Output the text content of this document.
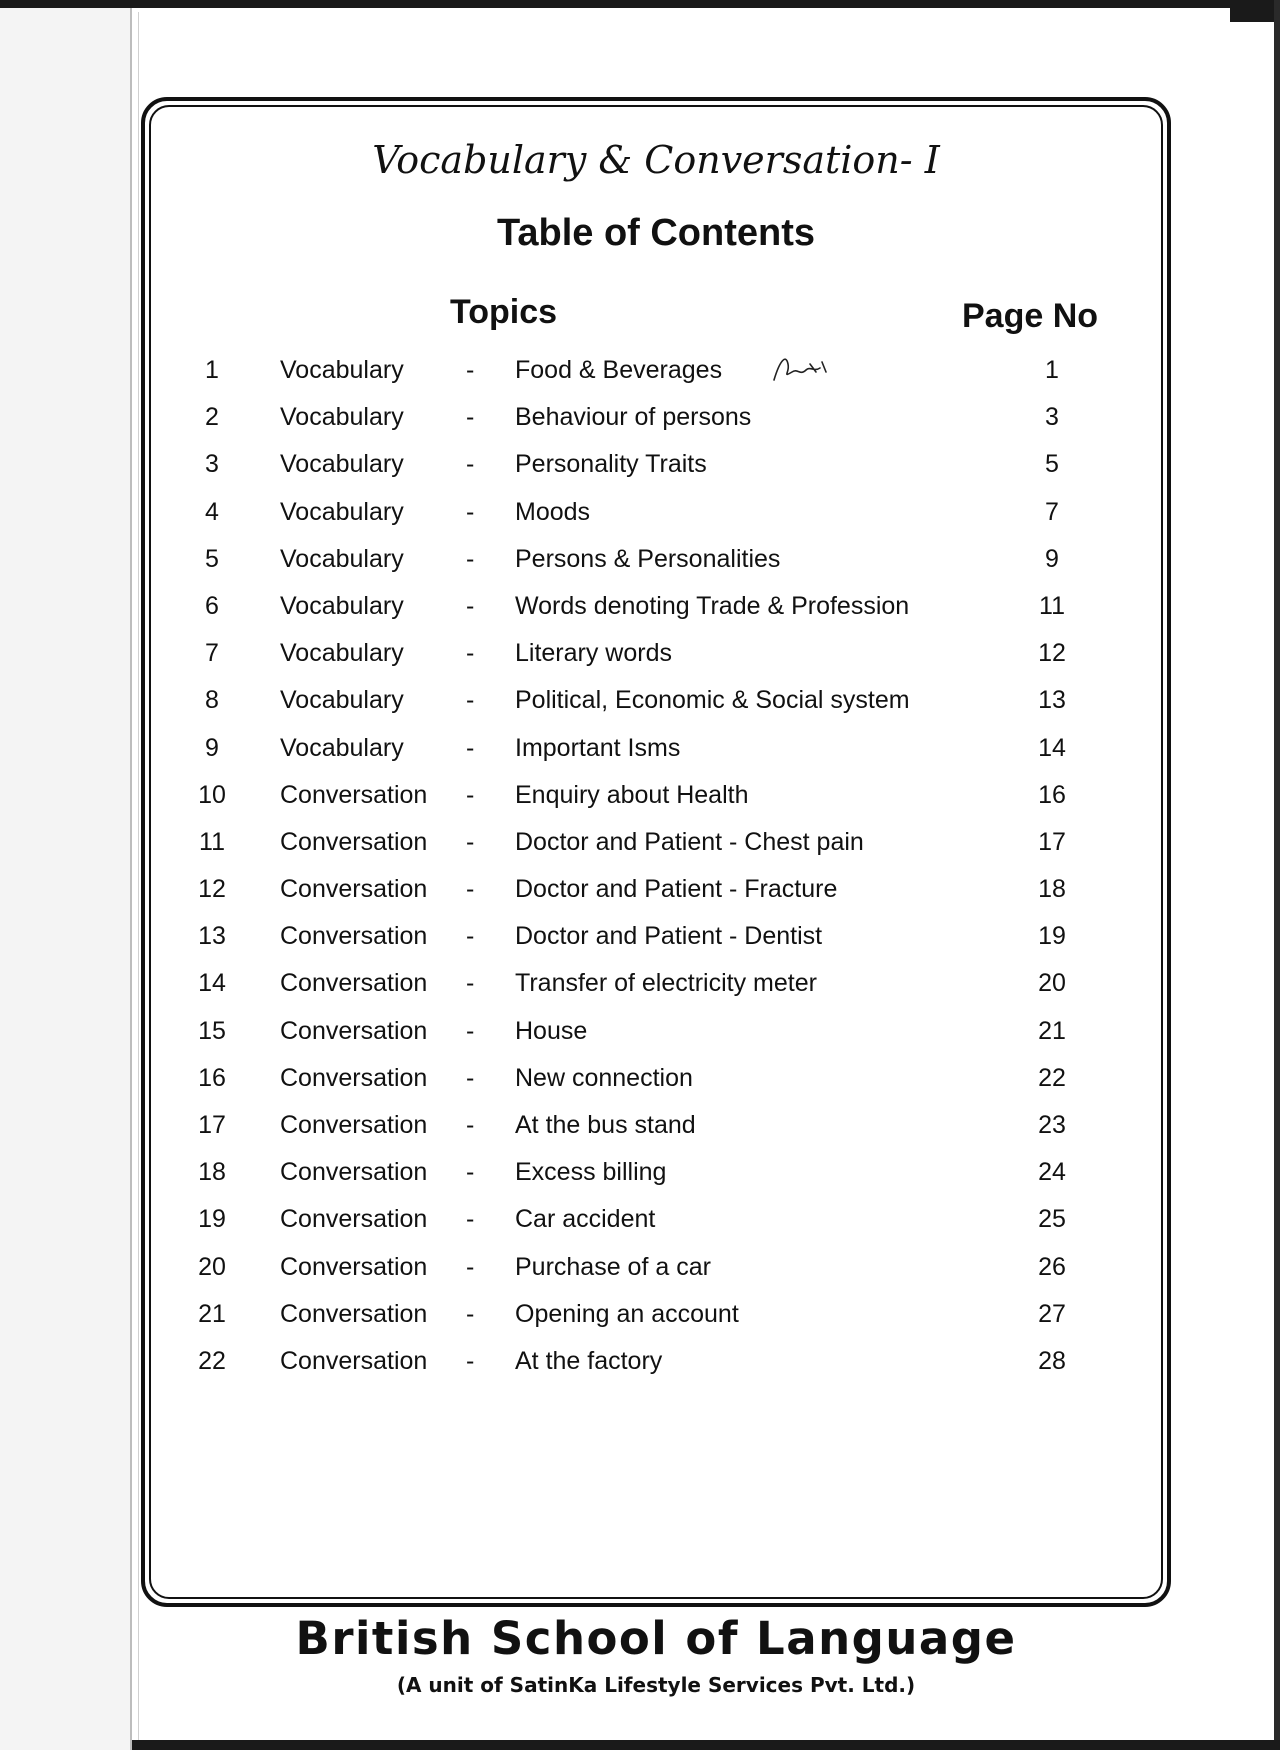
Vocabulary & Conversation- I
Table of Contents
Topics	Page No
1	Vocabulary - Food & Beverages	1
2	Vocabulary - Behaviour of persons	3
3	Vocabulary - Personality Traits	5
4	Vocabulary - Moods	7
5	Vocabulary - Persons & Personalities	9
6	Vocabulary - Words denoting Trade & Profession	11
7	Vocabulary - Literary words	12
8	Vocabulary - Political, Economic & Social system	13
9	Vocabulary - Important Isms	14
10	Conversation - Enquiry about Health	16
11	Conversation - Doctor and Patient - Chest pain	17
12	Conversation - Doctor and Patient - Fracture	18
13	Conversation - Doctor and Patient - Dentist	19
14	Conversation - Transfer of electricity meter	20
15	Conversation - House	21
16	Conversation - New connection	22
17	Conversation - At the bus stand	23
18	Conversation - Excess billing	24
19	Conversation - Car accident	25
20	Conversation - Purchase of a car	26
21	Conversation - Opening an account	27
22	Conversation - At the factory	28
British School of Language
(A unit of SatinKa Lifestyle Services Pvt. Ltd.)
